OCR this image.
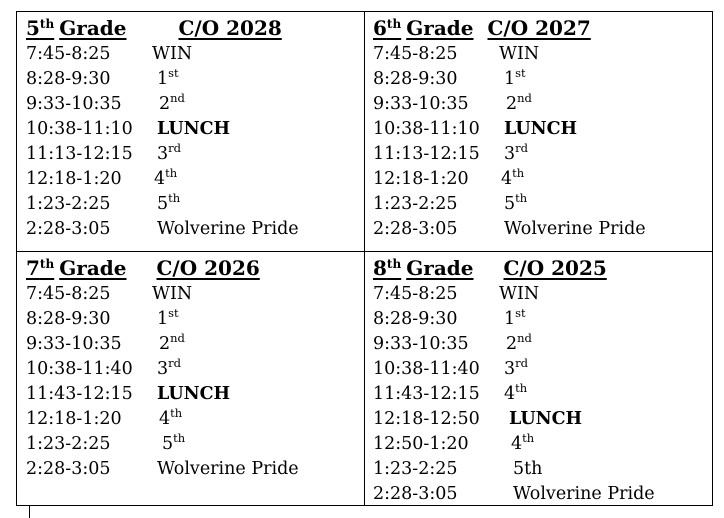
5th Grade	C/O 2028
7:45-8:25 WIN
8:28-9:30	1st
9:33-10:35 2nd
10:38-11:10 LUNCH
11:13-12:15 3rd
12:18-1:20 4th
1:23-2:25	5th
2:28-3:05	Wolverine Pride
6th Grade C/O 2027
7:45-8:25 WIN
8:28-9:30	1st
9:33-10:35 2nd
10:38-11:10 LUNCH
11:13-12:15 3rd
12:18-1:20 4th
1:23-2:25	5th
2:28-3:05	Wolverine Pride
7th Grade C/O 2026
7:45-8:25 WIN
8:28-9:30	1st
9:33-10:35 2nd
10:38-11:40 3rd
11:43-12:15 LUNCH
12:18-1:20 4th
1:23-2:25	5th
2:28-3:05	Wolverine Pride
8th Grade C/O 2025
7:45-8:25 WIN
8:28-9:30	1st
9:33-10:35 2nd
10:38-11:40 3rd
11:43-12:15 4th
12:18-12:50 LUNCH
12:50-1:20 4th
1:23-2:25	5th
2:28-3:05	Wolverine Pride
